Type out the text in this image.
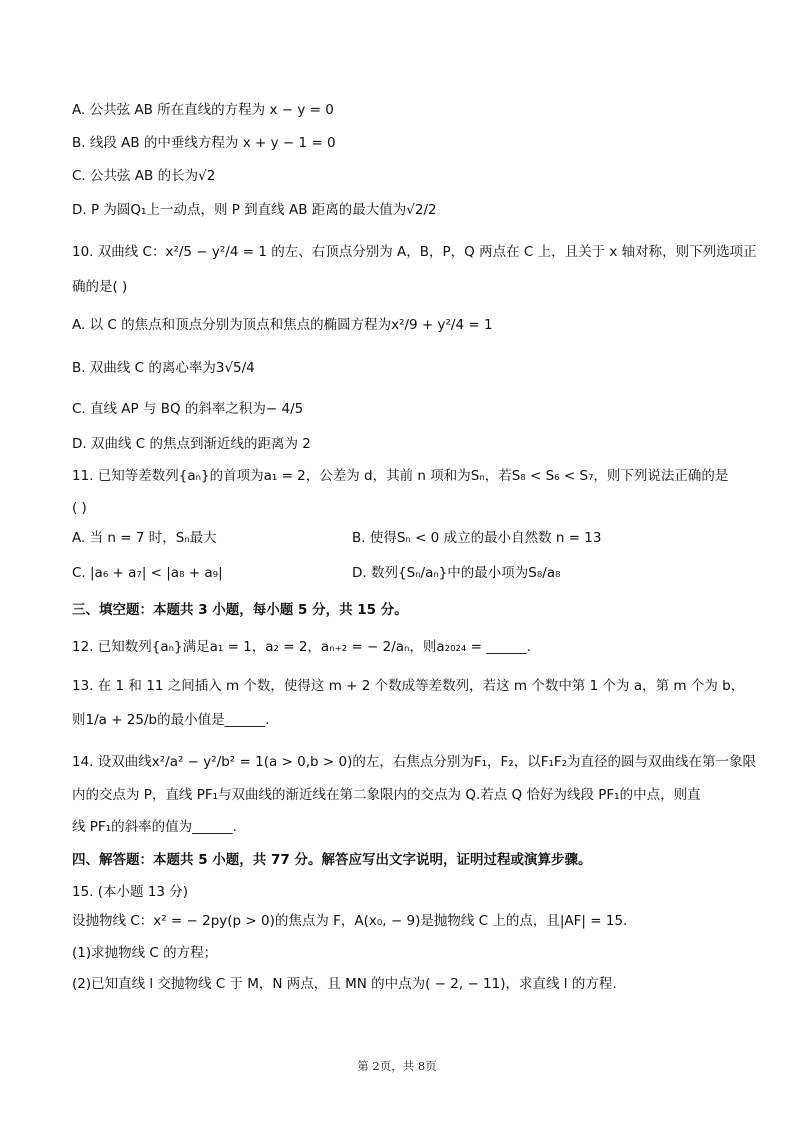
A. 公共弦 AB 所在直线的方程为 x − y = 0
B. 线段 AB 的中垂线方程为 x + y − 1 = 0
C. 公共弦 AB 的长为√2
D. P 为圆Q₁上一动点，则 P 到直线 AB 距离的最大值为√2/2
10. 双曲线 C：x²/5 − y²/4 = 1 的左、右顶点分别为 A，B，P，Q 两点在 C 上，且关于 x 轴对称，则下列选项正
确的是( )
A. 以 C 的焦点和顶点分别为顶点和焦点的椭圆方程为x²/9 + y²/4 = 1
B. 双曲线 C 的离心率为3√5/4
C. 直线 AP 与 BQ 的斜率之积为− 4/5
D. 双曲线 C 的焦点到渐近线的距离为 2
11. 已知等差数列{aₙ}的首项为a₁ = 2，公差为 d，其前 n 项和为Sₙ，若S₈ < S₆ < S₇，则下列说法正确的是
( )
A. 当 n = 7 时，Sₙ最大	B. 使得Sₙ < 0 成立的最小自然数 n = 13
C. |a₆ + a₇| < |a₈ + a₉|	D. 数列{Sₙ/aₙ}中的最小项为S₈/a₈
三、填空题：本题共 3 小题，每小题 5 分，共 15 分。
12. 已知数列{aₙ}满足a₁ = 1，a₂ = 2，aₙ₊₂ = − 2/aₙ，则a₂₀₂₄ = ______.
13. 在 1 和 11 之间插入 m 个数，使得这 m + 2 个数成等差数列，若这 m 个数中第 1 个为 a，第 m 个为 b，
则1/a + 25/b的最小值是______.
14. 设双曲线x²/a² − y²/b² = 1(a > 0,b > 0)的左，右焦点分别为F₁，F₂，以F₁F₂为直径的圆与双曲线在第一象限
内的交点为 P，直线 PF₁与双曲线的渐近线在第二象限内的交点为 Q.若点 Q 恰好为线段 PF₁的中点，则直
线 PF₁的斜率的值为______.
四、解答题：本题共 5 小题，共 77 分。解答应写出文字说明，证明过程或演算步骤。
15. (本小题 13 分)
设抛物线 C：x² = − 2py(p > 0)的焦点为 F，A(x₀, − 9)是抛物线 C 上的点，且|AF| = 15.
(1)求抛物线 C 的方程；
(2)已知直线 l 交抛物线 C 于 M，N 两点，且 MN 的中点为( − 2, − 11)，求直线 l 的方程.
第 2页，共 8页
